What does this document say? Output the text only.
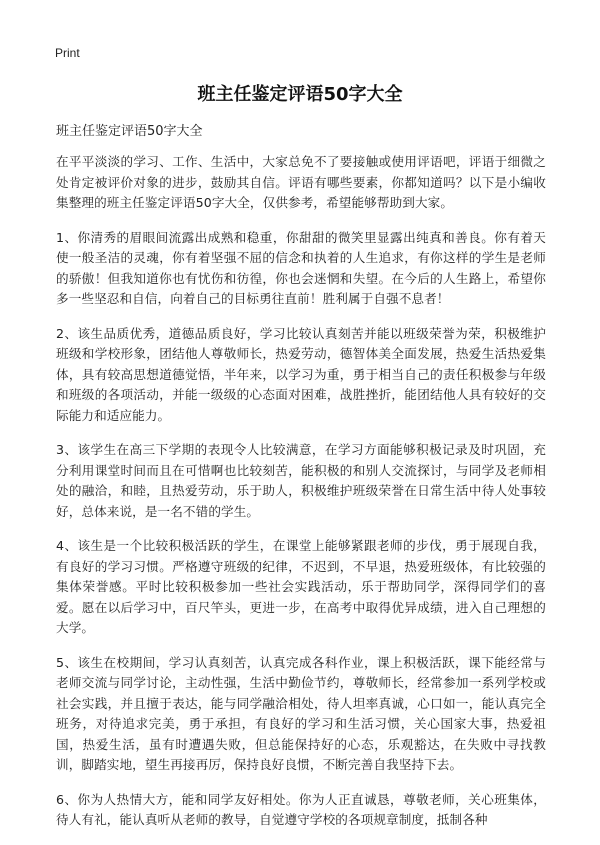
Print
班主任鉴定评语50字大全
班主任鉴定评语50字大全

在平平淡淡的学习、工作、生活中，大家总免不了要接触或使用评语吧，评语于细微之处肯定被评价对象的进步，鼓励其自信。评语有哪些要素，你都知道吗？以下是小编收集整理的班主任鉴定评语50字大全，仅供参考，希望能够帮助到大家。

1、你清秀的眉眼间流露出成熟和稳重，你甜甜的微笑里显露出纯真和善良。你有着天使一般圣洁的灵魂，你有着坚强不屈的信念和执着的人生追求，有你这样的学生是老师的骄傲！但我知道你也有忧伤和彷徨，你也会迷惘和失望。在今后的人生路上，希望你多一些坚忍和自信，向着自己的目标勇往直前！胜利属于自强不息者！

2、该生品质优秀，道德品质良好，学习比较认真刻苦并能以班级荣誉为荣，积极维护班级和学校形象，团结他人尊敬师长，热爱劳动，德智体美全面发展，热爱生活热爱集体，具有较高思想道德觉悟，半年来，以学习为重，勇于相当自己的责任积极参与年级和班级的各项活动，并能一级级的心态面对困难，战胜挫折，能团结他人具有较好的交际能力和适应能力。

3、该学生在高三下学期的表现令人比较满意，在学习方面能够积极记录及时巩固，充分利用课堂时间而且在可惜啊也比较刻苦，能积极的和别人交流探讨，与同学及老师相处的融洽，和睦，且热爱劳动，乐于助人，积极维护班级荣誉在日常生活中待人处事较好，总体来说，是一名不错的学生。

4、该生是一个比较积极活跃的学生，在课堂上能够紧跟老师的步伐，勇于展现自我，有良好的学习习惯。严格遵守班级的纪律，不迟到，不早退，热爱班级体，有比较强的集体荣誉感。平时比较积极参加一些社会实践活动，乐于帮助同学，深得同学们的喜爱。愿在以后学习中，百尺竿头，更进一步，在高考中取得优异成绩，进入自己理想的大学。

5、该生在校期间，学习认真刻苦，认真完成各科作业，课上积极活跃，课下能经常与老师交流与同学讨论，主动性强，生活中勤俭节约，尊敬师长，经常参加一系列学校或社会实践，并且擅于表达，能与同学融洽相处，待人坦率真诚，心口如一，能认真完全班务，对待追求完美，勇于承担，有良好的学习和生活习惯，关心国家大事，热爱祖国，热爱生活，虽有时遭遇失败，但总能保持好的心态，乐观豁达，在失败中寻找教训，脚踏实地，望生再接再厉，保持良好良惯，不断完善自我坚持下去。

6、你为人热情大方，能和同学友好相处。你为人正直诚恳，尊敬老师，关心班集体，待人有礼，能认真听从老师的教导，自觉遵守学校的各项规章制度，抵制各种
